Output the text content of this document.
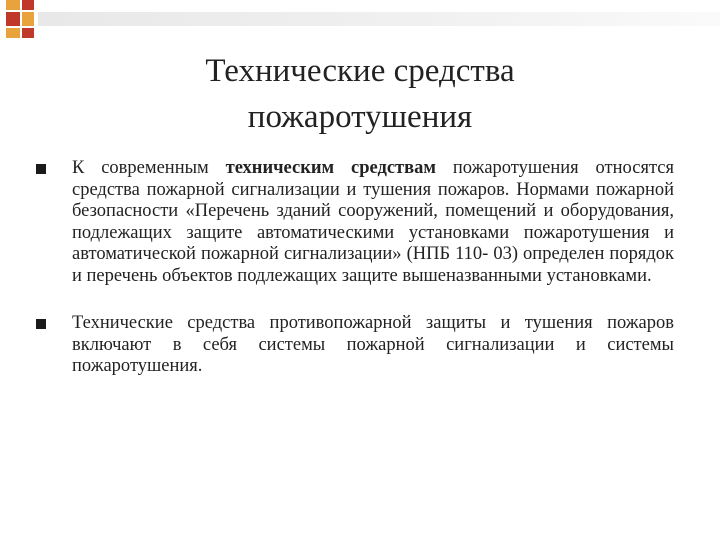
Технические средства
пожаротушения
К современным техническим средствам пожаротушения относятся средства пожарной сигнализации и тушения пожаров. Нормами пожарной безопасности «Перечень зданий сооружений, помещений и оборудования, подлежащих защите автоматическими установками пожаротушения и автоматической пожарной сигнализации» (НПБ 110- 03) определен порядок и перечень объектов подлежащих защите вышеназванными установками.
Технические средства противопожарной защиты и тушения пожаров включают в себя системы пожарной сигнализации и системы пожаротушения.
